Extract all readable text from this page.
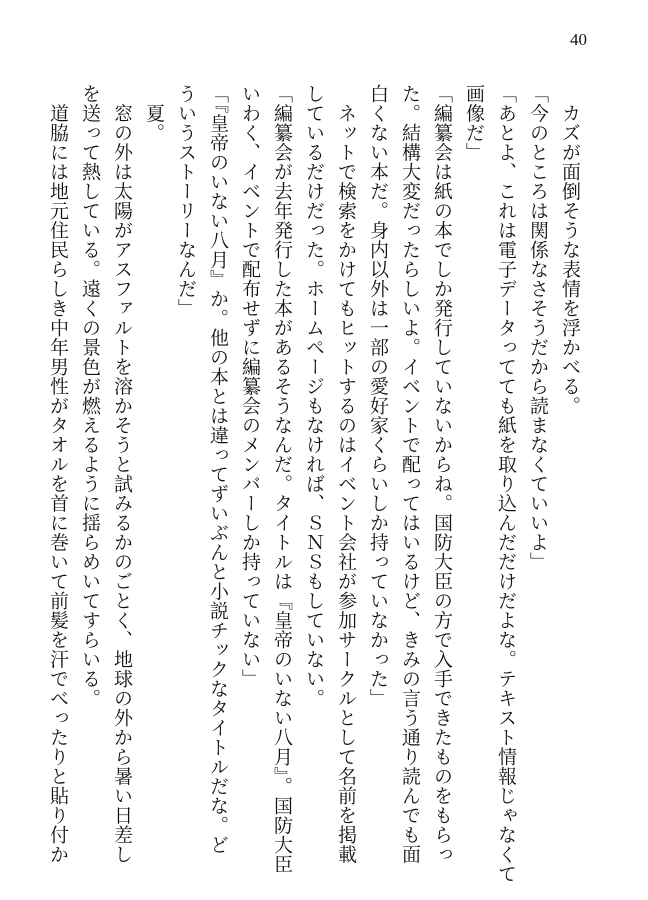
40
　カズが面倒そうな表情を浮かべる。
「今のところは関係なさそうだから読まなくていいよ」
「あとよ、これは電子データってても紙を取り込んだだけだよな。テキスト情報じゃなくて
画像だ」
「編纂会は紙の本でしか発行していないからね。国防大臣の方で入手できたものをもらっ
た。結構大変だったらしいよ。イベントで配ってはいるけど、きみの言う通り読んでも面
白くない本だ。身内以外は一部の愛好家くらいしか持っていなかった」
　ネットで検索をかけてもヒットするのはイベント会社が参加サークルとして名前を掲載
しているだけだった。ホームページもなければ、ＳＮＳもしていない。
「編纂会が去年発行した本があるそうなんだ。タイトルは『皇帝のいない八月』。国防大臣
いわく、イベントで配布せずに編纂会のメンバーしか持っていない」
「『皇帝のいない八月』か。他の本とは違ってずいぶんと小説チックなタイトルだな。ど
ういうストーリーなんだ」
　夏。
　窓の外は太陽がアスファルトを溶かそうと試みるかのごとく、地球の外から暑い日差し
を送って熱している。遠くの景色が燃えるように揺らめいてすらいる。
　道脇には地元住民らしき中年男性がタオルを首に巻いて前髪を汗でべったりと貼り付か
